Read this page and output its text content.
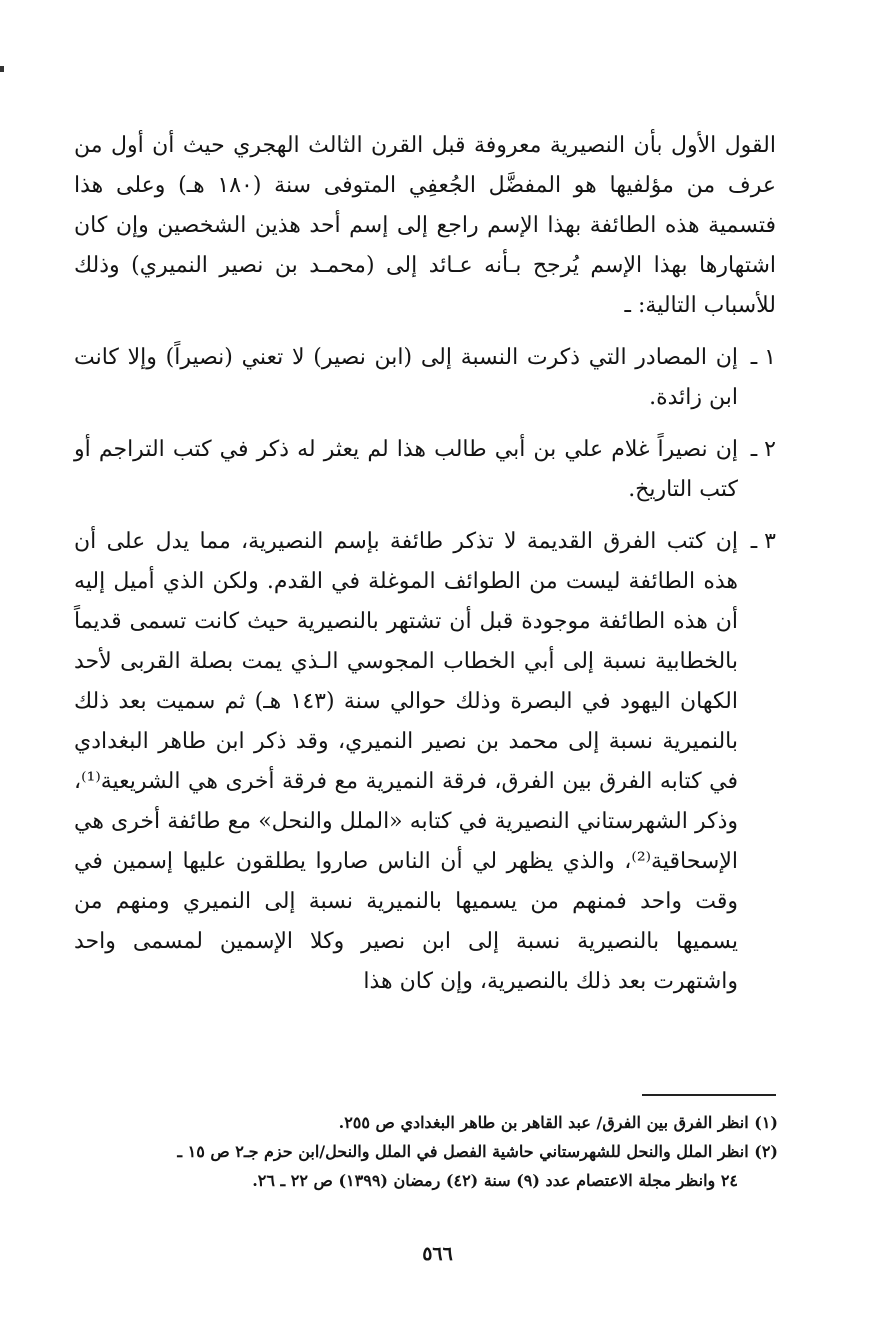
القول الأول بأن النصيرية معروفة قبل القرن الثالث الهجري حيث أن أول من عرف من مؤلفيها هو المفضَّل الجُعفِي المتوفى سنة (١٨٠ هـ) وعلى هذا فتسمية هذه الطائفة بهذا الإسم راجع إلى إسم أحد هذين الشخصين وإن كان اشتهارها بهذا الإسم يُرجح بـأنه عـائد إلى (محمـد بن نصير النميري) وذلك للأسباب التالية: ـ

١ ـ
إن المصادر التي ذكرت النسبة إلى (ابن نصير) لا تعني (نصيراً) وإلا كانت ابن زائدة.
٢ ـ
إن نصيراً غلام علي بن أبي طالب هذا لم يعثر له ذكر في كتب التراجم أو كتب التاريخ.
٣ ـ
إن كتب الفرق القديمة لا تذكر طائفة بإسم النصيرية، مما يدل على أن هذه الطائفة ليست من الطوائف الموغلة في القدم. ولكن الذي أميل إليه أن هذه الطائفة موجودة قبل أن تشتهر بالنصيرية حيث كانت تسمى قديماً بالخطابية نسبة إلى أبي الخطاب المجوسي الـذي يمت بصلة القربى لأحد الكهان اليهود في البصرة وذلك حوالي سنة (١٤٣ هـ) ثم سميت بعد ذلك بالنميرية نسبة إلى محمد بن نصير النميري، وقد ذكر ابن طاهر البغدادي في كتابه الفرق بين الفرق، فرقة النميرية مع فرقة أخرى هي الشريعية⁽¹⁾، وذكر الشهرستاني النصيرية في كتابه «الملل والنحل» مع طائفة أخرى هي الإسحاقية⁽²⁾، والذي يظهر لي أن الناس صاروا يطلقون عليها إسمين في وقت واحد فمنهم من يسميها بالنميرية نسبة إلى النميري ومنهم من يسميها بالنصيرية نسبة إلى ابن نصير وكلا الإسمين لمسمى واحد واشتهرت بعد ذلك بالنصيرية، وإن كان هذا

(١) انظر الفرق بين الفرق/ عبد القاهر بن طاهر البغدادي ص ٢٥٥.

(٢) انظر الملل والنحل للشهرستاني حاشية الفصل في الملل والنحل/ابن حزم جـ٢ ص ١٥ ـ

٢٤ وانظر مجلة الاعتصام عدد (٩) سنة (٤٢) رمضان (١٣٩٩) ص ٢٢ ـ ٢٦.

٥٦٦
